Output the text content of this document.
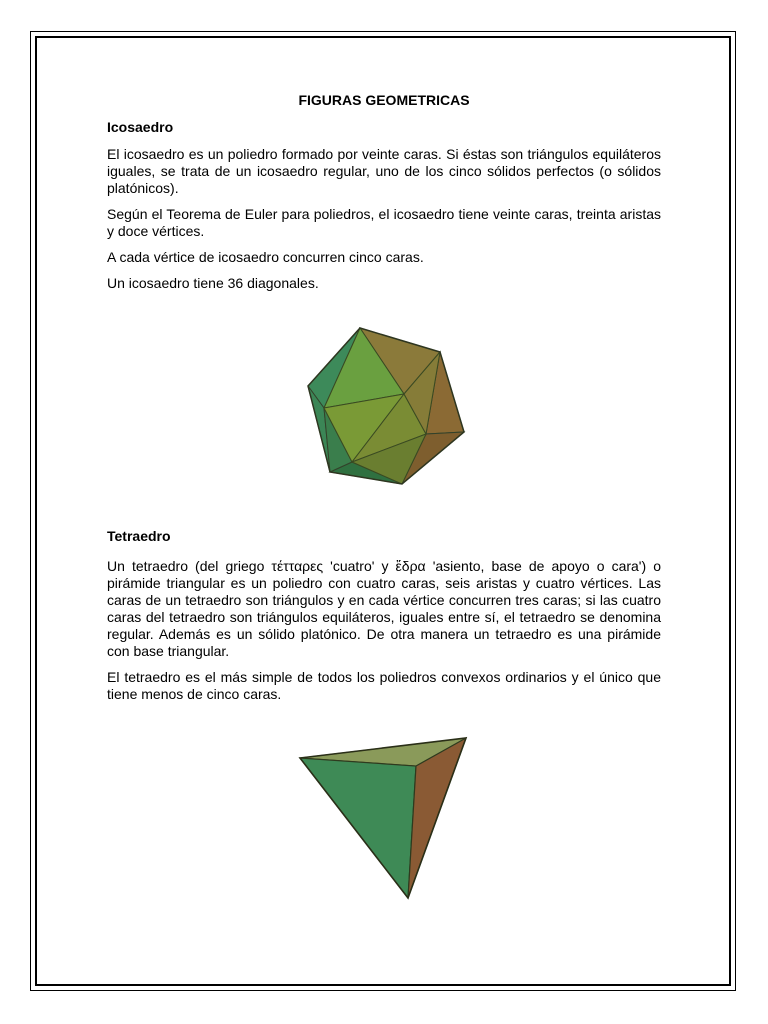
FIGURAS GEOMETRICAS

Icosaedro

El icosaedro es un poliedro formado por veinte caras. Si éstas son triángulos equiláteros iguales, se trata de un icosaedro regular, uno de los cinco sólidos perfectos (o sólidos platónicos).

Según el Teorema de Euler para poliedros, el icosaedro tiene veinte caras, treinta aristas y doce vértices.

A cada vértice de icosaedro concurren cinco caras.

Un icosaedro tiene 36 diagonales.

Tetraedro

Un tetraedro (del griego τέτταρες 'cuatro' y ἕδρα 'asiento, base de apoyo o cara') o pirámide triangular es un poliedro con cuatro caras, seis aristas y cuatro vértices. Las caras de un tetraedro son triángulos y en cada vértice concurren tres caras; si las cuatro caras del tetraedro son triángulos equiláteros, iguales entre sí, el tetraedro se denomina regular. Además es un sólido platónico. De otra manera un tetraedro es una pirámide con base triangular.

El tetraedro es el más simple de todos los poliedros convexos ordinarios y el único que tiene menos de cinco caras.
